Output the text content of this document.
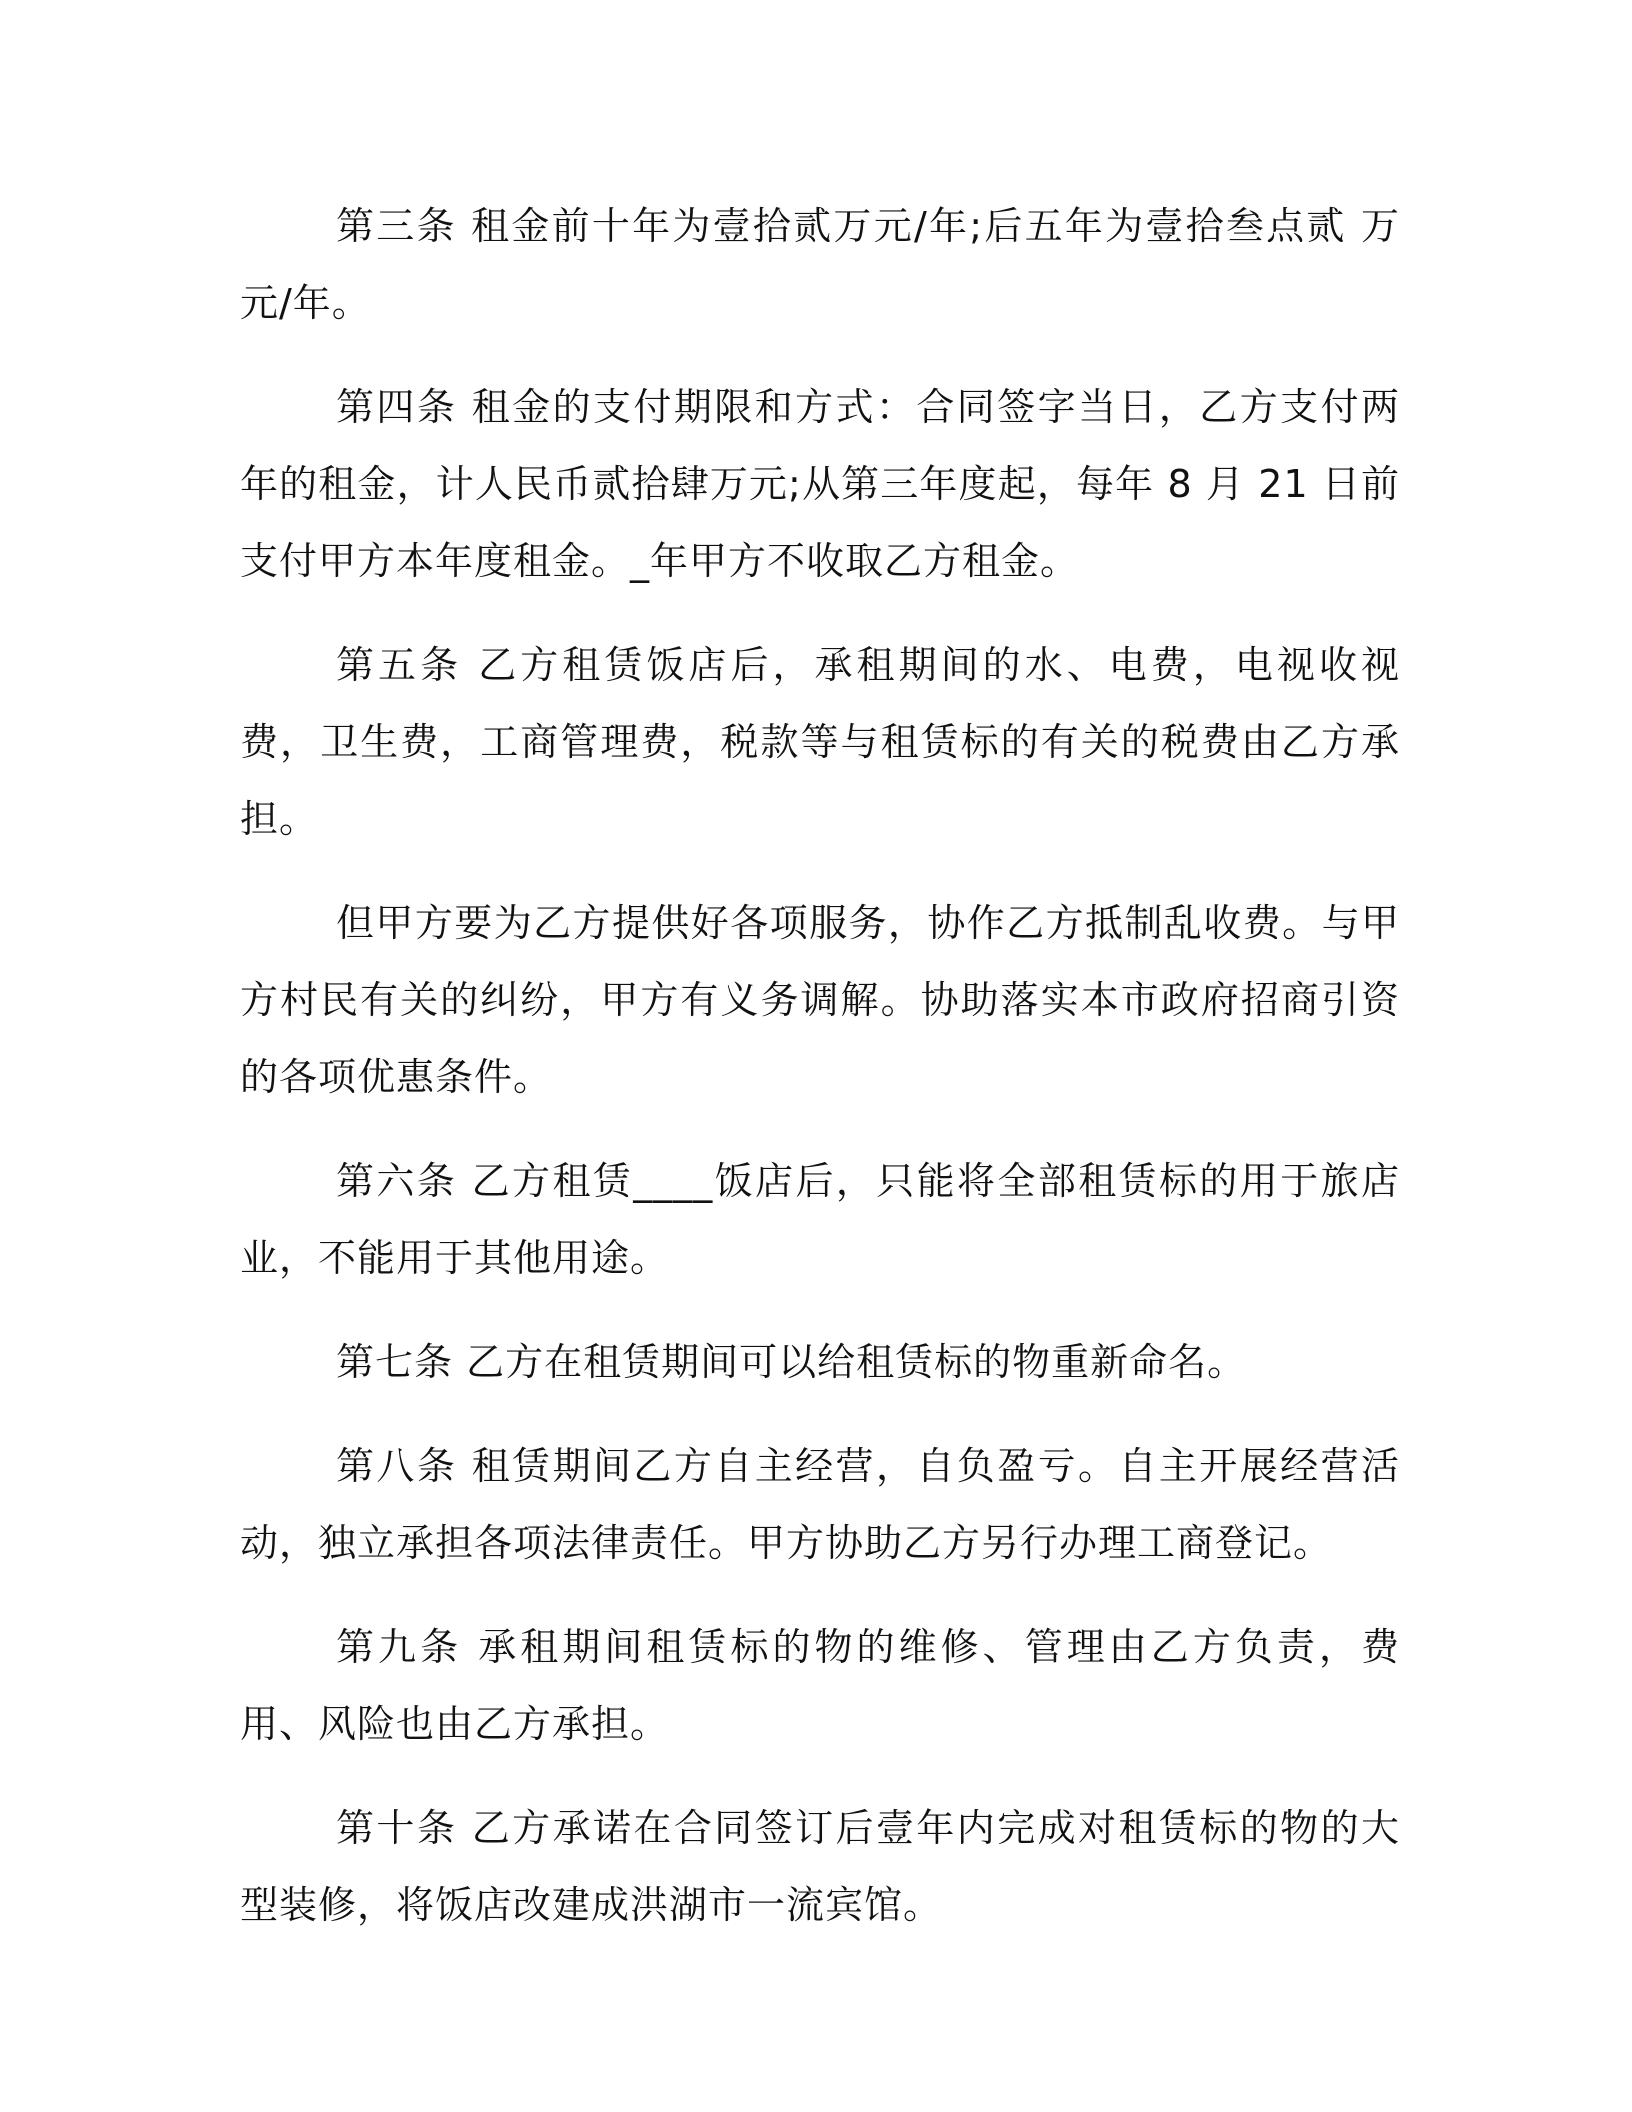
第三条 租金前十年为壹拾贰万元/年;后五年为壹拾叁点贰 万元/年。

第四条 租金的支付期限和方式：合同签字当日，乙方支付两年的租金，计人民币贰拾肆万元;从第三年度起，每年 8 月 21 日前支付甲方本年度租金。_年甲方不收取乙方租金。

第五条 乙方租赁饭店后，承租期间的水、电费，电视收视费，卫生费，工商管理费，税款等与租赁标的有关的税费由乙方承担。

但甲方要为乙方提供好各项服务，协作乙方抵制乱收费。与甲方村民有关的纠纷，甲方有义务调解。协助落实本市政府招商引资的各项优惠条件。

第六条 乙方租赁____饭店后，只能将全部租赁标的用于旅店业，不能用于其他用途。

第七条 乙方在租赁期间可以给租赁标的物重新命名。

第八条 租赁期间乙方自主经营，自负盈亏。自主开展经营活动，独立承担各项法律责任。甲方协助乙方另行办理工商登记。

第九条 承租期间租赁标的物的维修、管理由乙方负责，费用、风险也由乙方承担。

第十条 乙方承诺在合同签订后壹年内完成对租赁标的物的大型装修，将饭店改建成洪湖市一流宾馆。
